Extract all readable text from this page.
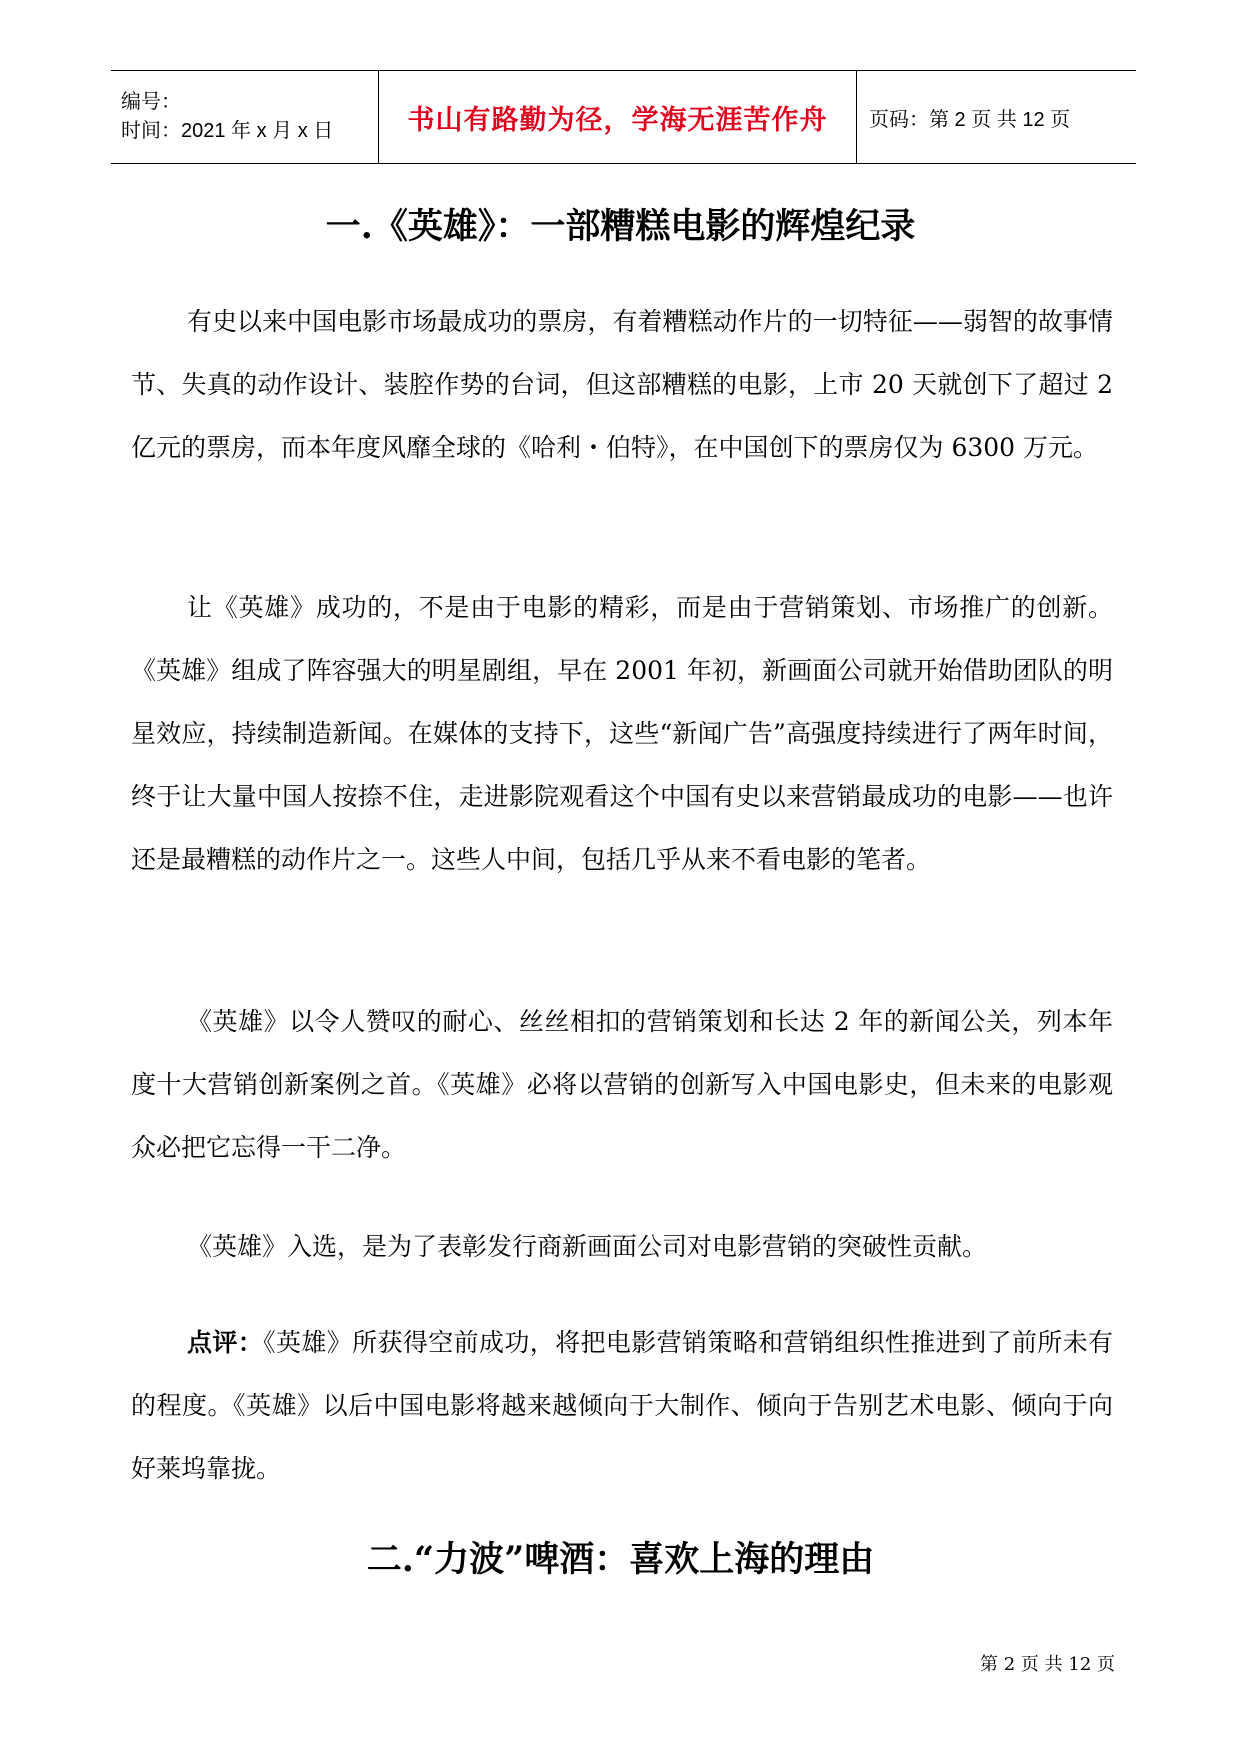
编号：
时间：2021 年 x 月 x 日	书山有路勤为径，学海无涯苦作舟 页码：第 2 页 共 12 页
一.《英雄》：一部糟糕电影的辉煌纪录

有史以来中国电影市场最成功的票房，有着糟糕动作片的一切特征——弱智的故事情节、失真的动作设计、装腔作势的台词，但这部糟糕的电影，上市 20 天就创下了超过 2 亿元的票房，而本年度风靡全球的《哈利・伯特》，在中国创下的票房仅为 6300 万元。

让《英雄》成功的，不是由于电影的精彩，而是由于营销策划、市场推广的创新。《英雄》组成了阵容强大的明星剧组，早在 2001 年初，新画面公司就开始借助团队的明星效应，持续制造新闻。在媒体的支持下，这些“新闻广告”高强度持续进行了两年时间，终于让大量中国人按捺不住，走进影院观看这个中国有史以来营销最成功的电影——也许还是最糟糕的动作片之一。这些人中间，包括几乎从来不看电影的笔者。

《英雄》以令人赞叹的耐心、丝丝相扣的营销策划和长达 2 年的新闻公关，列本年度十大营销创新案例之首。《英雄》必将以营销的创新写入中国电影史，但未来的电影观众必把它忘得一干二净。

《英雄》入选，是为了表彰发行商新画面公司对电影营销的突破性贡献。

点评：《英雄》所获得空前成功，将把电影营销策略和营销组织性推进到了前所未有的程度。《英雄》以后中国电影将越来越倾向于大制作、倾向于告别艺术电影、倾向于向好莱坞靠拢。

二.“力波”啤酒：喜欢上海的理由
第 2 页 共 12 页
